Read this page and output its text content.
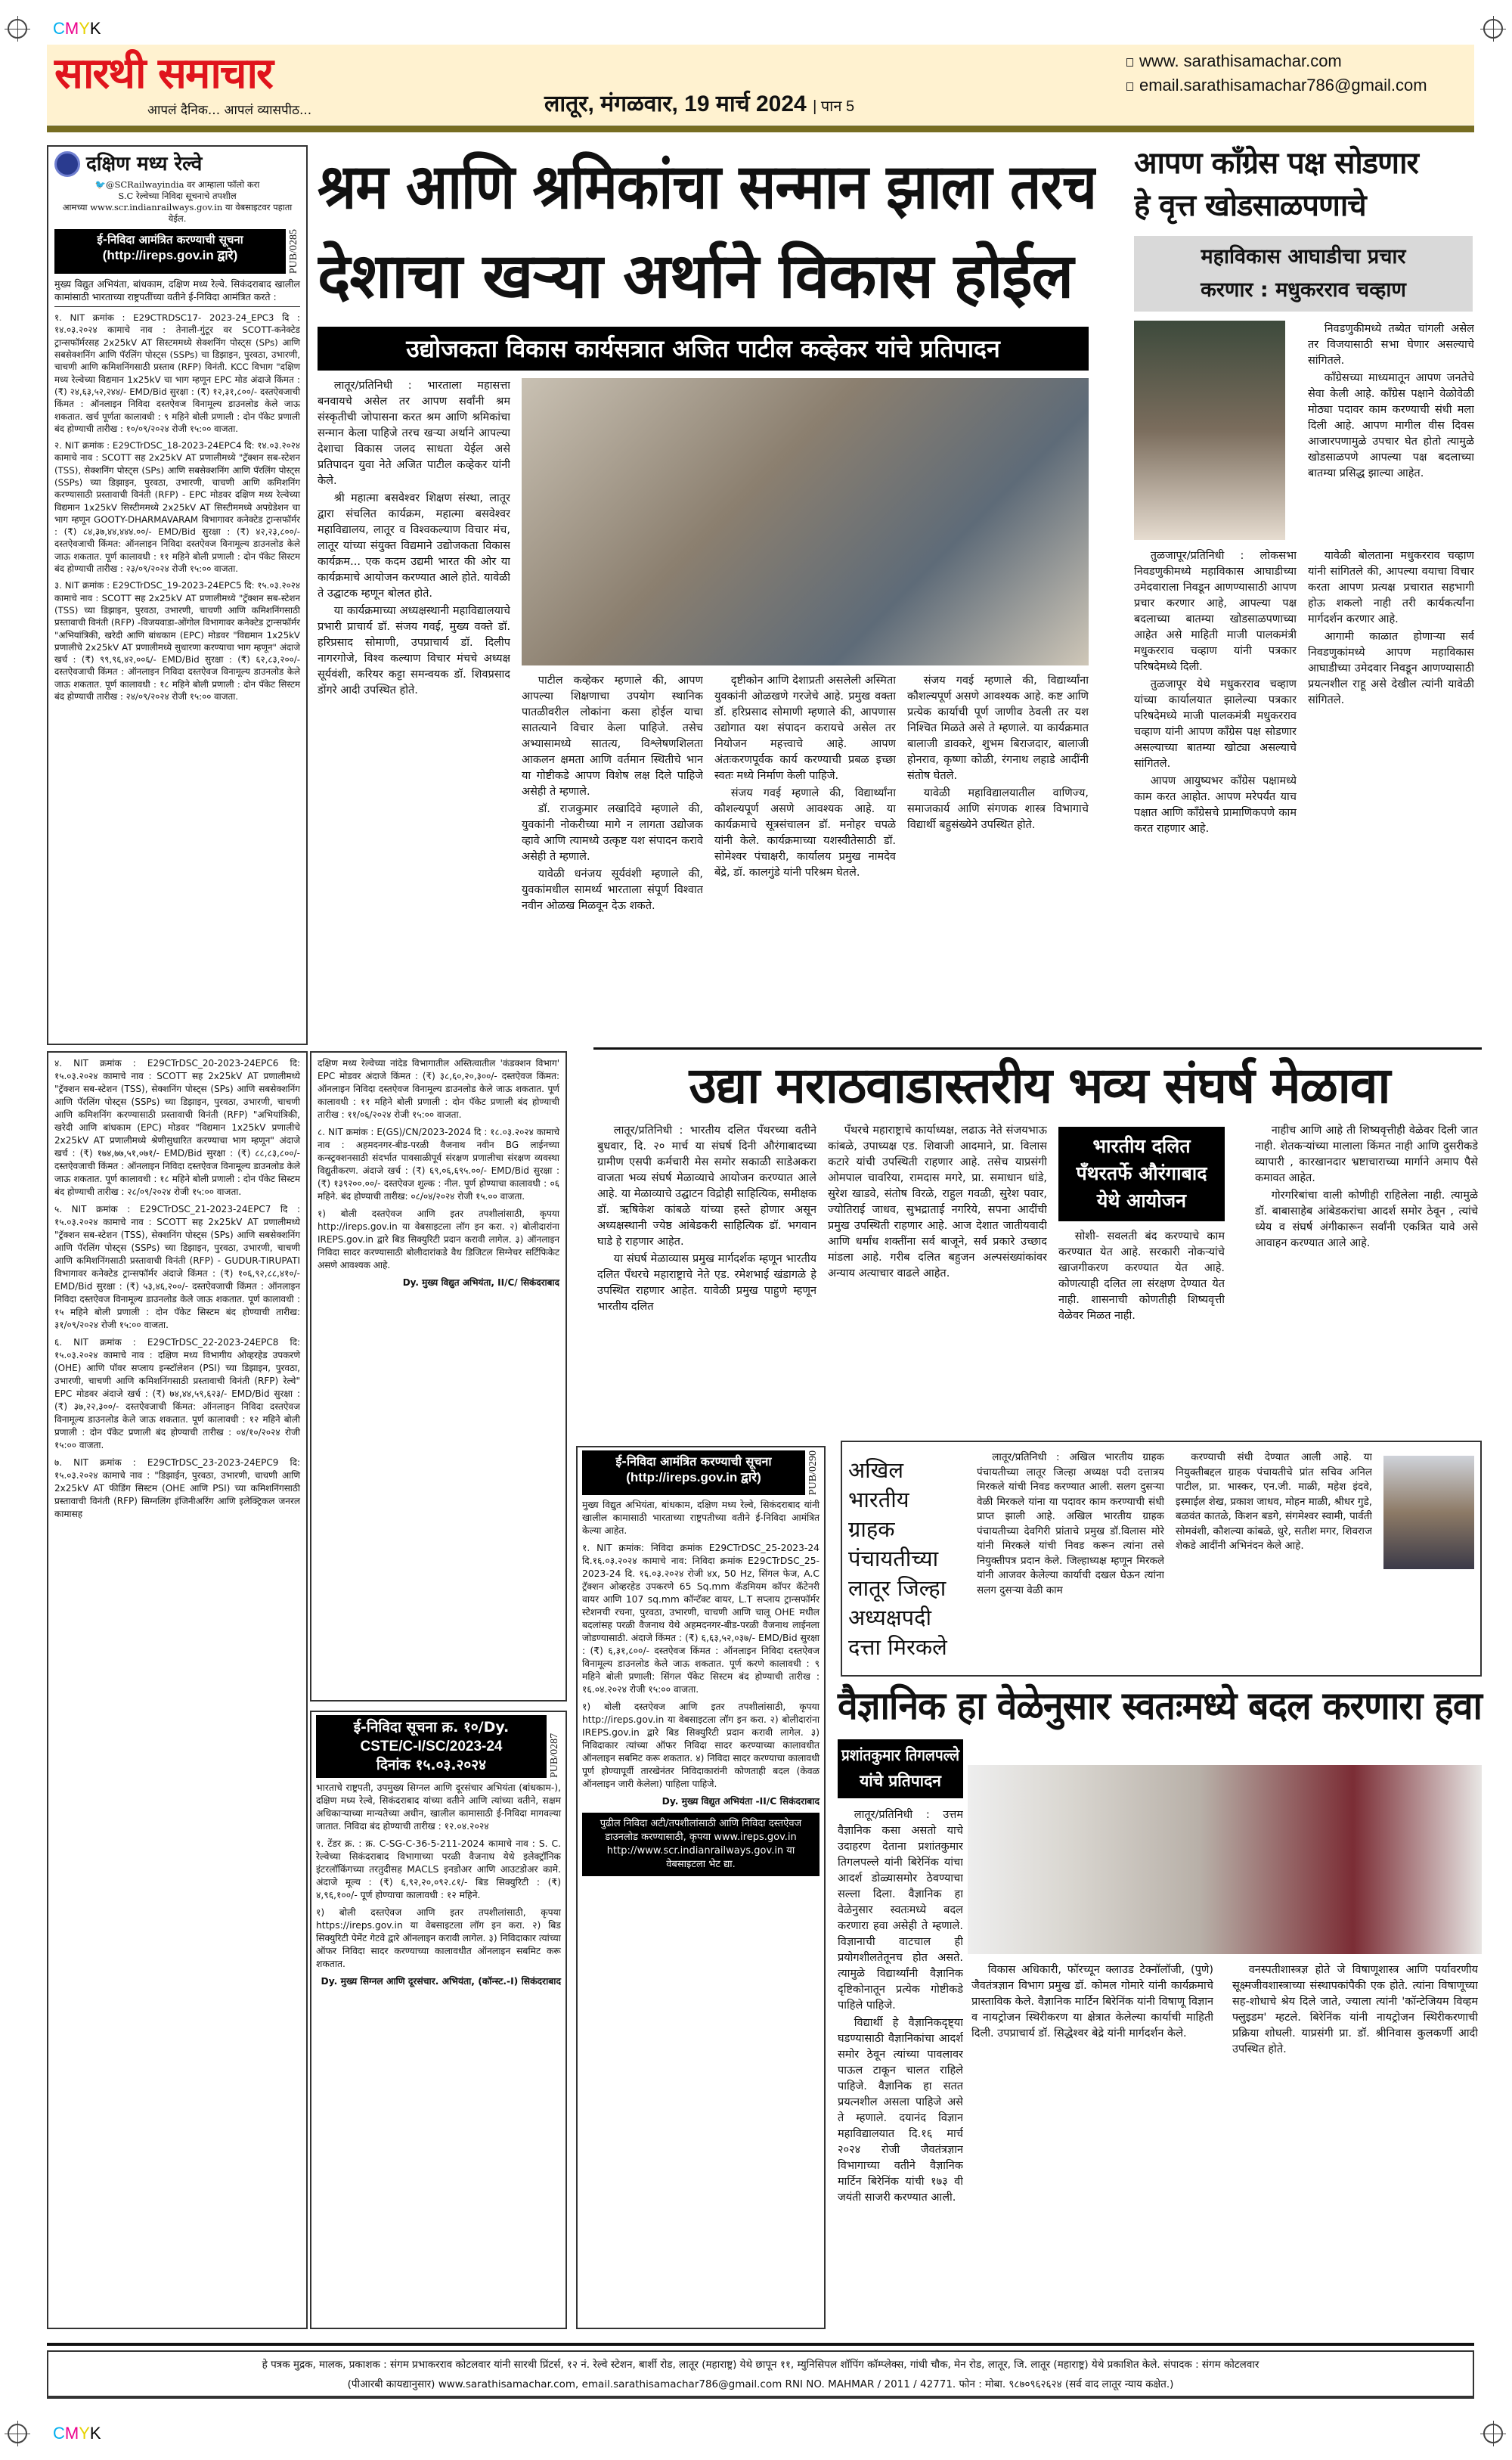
CMYK
सारथी समाचार
आपलं दैनिक... आपलं व्यासपीठ...	लातूर, मंगळवार, 19 मार्च 2024 | पान 5
www. sarathisamachar.com
email.sarathisamachar786@gmail.com
दक्षिण मध्य रेल्वे
🐦@SCRailwayindia वर आम्हाला फॉलो करा
S.C रेल्वेच्या निविदा सूचनाचे तपशील
आमच्या www.scr.indianrailways.gov.in या वेबसाइटवर पहाता येईल.
ई-निविदा आमंत्रित करण्याची सूचना
(http://ireps.gov.in द्वारे)	PUB/0285

मुख्य विद्युत अभियंता, बांधकाम, दक्षिण मध्य रेल्वे. सिकंदराबाद खालील कामांसाठी भारताच्या राष्ट्रपतींच्या वतीने ई-निविदा आमंत्रित करते :

१. NIT क्रमांक : E29CTRDSC17- 2023-24_EPC3 दि : १४.०३.२०२४ कामाचे नाव : तेनाली-गुंटूर वर SCOTT-कनेक्टेड ट्रान्सफॉर्मरसह 2x25kV AT सिस्टममध्ये सेक्शनिंग पोस्ट्स (SPs) आणि सबसेक्शनिंग आणि पॅरलिंग पोस्ट्स (SSPs) चा डिझाइन, पुरवठा, उभारणी, चाचणी आणि कमिशनिंगसाठी प्रस्ताव (RFP) विनंती. KCC विभाग "दक्षिण मध्य रेल्वेच्या विद्यमान 1x25kV चा भाग म्हणून EPC मोड अंदाजे किंमत : (₹) २४,६३,५२,२४४/- EMD/Bid सुरक्षा : (₹) १२,३१,८००/- दस्तऐवजाची किंमत : ऑनलाइन निविदा दस्तऐवज विनामूल्य डाउनलोड केले जाऊ शकतात. खर्च पूर्णता कालावधी : ९ महिने बोली प्रणाली : दोन पॅकेट प्रणाली बंद होण्याची तारीख : १०/०९/२०२४ रोजी १५:०० वाजता.

२. NIT क्रमांक : E29CTrDSC_18-2023-24EPC4 दि: १४.०३.२०२४ कामाचे नाव : SCOTT सह 2x25kV AT प्रणालीमध्ये "ट्रॅक्शन सब-स्टेशन (TSS), सेक्शनिंग पोस्ट्स (SPs) आणि सबसेक्शनिंग आणि पॅरलिंग पोस्ट्स (SSPs) च्या डिझाइन, पुरवठा, उभारणी, चाचणी आणि कमिशनिंग करण्यासाठी प्रस्तावाची विनंती (RFP) - EPC मोडवर दक्षिण मध्य रेल्वेच्या विद्यमान 1x25kV सिस्टीममध्ये 2x25kV AT सिस्टीममध्ये अपग्रेडेशन चा भाग म्हणून GOOTY-DHARMAVARAM विभागावर कनेक्टेड ट्रान्सफॉर्मर : (₹) ८४,३७,४४,४४४.००/- EMD/Bid सुरक्षा : (₹) ४२,२३,८००/- दस्तऐवजाची किंमत: ऑनलाइन निविदा दस्तऐवज विनामूल्य डाउनलोड केले जाऊ शकतात. पूर्ण कालावधी : ११ महिने बोली प्रणाली : दोन पॅकेट सिस्टम बंद होण्याची तारीख : २३/०९/२०२४ रोजी १५:०० वाजता.

३. NIT क्रमांक : E29CTrDSC_19-2023-24EPC5 दि: १५.०३.२०२४ कामाचे नाव : SCOTT सह 2x25kV AT प्रणालीमध्ये "ट्रॅक्शन सब-स्टेशन (TSS) च्या डिझाइन, पुरवठा, उभारणी, चाचणी आणि कमिशनिंगसाठी प्रस्तावाची विनंती (RFP) -विजयवाडा-ओंगोल विभागावर कनेक्टेड ट्रान्सफॉर्मर "अभियांत्रिकी, खरेदी आणि बांधकाम (EPC) मोडवर "विद्यमान 1x25kV प्रणालीचे 2x25kV AT प्रणालीमध्ये सुधारणा करण्याचा भाग म्हणून" अंदाजे खर्च : (₹) ९९,९६,४२,००६/- EMD/Bid सुरक्षा : (₹) ६२,८३,२००/- दस्तऐवजाची किंमत : ऑनलाइन निविदा दस्तऐवज विनामूल्य डाउनलोड केले जाऊ शकतात. पूर्ण कालावधी : १८ महिने बोली प्रणाली : दोन पॅकेट सिस्टम बंद होण्याची तारीख : २४/०९/२०२४ रोजी १५:०० वाजता.

४. NIT क्रमांक : E29CTrDSC_20-2023-24EPC6 दि: १५.०३.२०२४ कामाचे नाव : SCOTT सह 2x25kV AT प्रणालीमध्ये "ट्रॅक्शन सब-स्टेशन (TSS), सेक्शनिंग पोस्ट्स (SPs) आणि सबसेक्शनिंग आणि पॅरलिंग पोस्ट्स (SSPs) च्या डिझाइन, पुरवठा, उभारणी, चाचणी आणि कमिशनिंग करण्यासाठी प्रस्तावाची विनंती (RFP) "अभियांत्रिकी, खरेदी आणि बांधकाम (EPC) मोडवर "विद्यमान 1x25kV प्रणालीचे 2x25kV AT प्रणालीमध्ये श्रेणीसुधारित करण्याचा भाग म्हणून" अंदाजे खर्च : (₹) १७४,७७,५१,०७१/- EMD/Bid सुरक्षा : (₹) ८८,८३,८००/- दस्तऐवजाची किंमत : ऑनलाइन निविदा दस्तऐवज विनामूल्य डाउनलोड केले जाऊ शकतात. पूर्ण कालावधी : १८ महिने बोली प्रणाली : दोन पॅकेट सिस्टम बंद होण्याची तारीख : २८/०९/२०२४ रोजी १५:०० वाजता.

५. NIT क्रमांक : E29CTrDSC_21-2023-24EPC7 दि : १५.०३.२०२४ कामाचे नाव : SCOTT सह 2x25kV AT प्रणालीमध्ये "ट्रॅक्शन सब-स्टेशन (TSS), सेक्शनिंग पोस्ट्स (SPs) आणि सबसेक्शनिंग आणि पॅरलिंग पोस्ट्स (SSPs) च्या डिझाइन, पुरवठा, उभारणी, चाचणी आणि कमिशनिंगसाठी प्रस्तावाची विनंती (RFP) - GUDUR-TIRUPATI विभागावर कनेक्टेड ट्रान्सफॉर्मर अंदाजे किंमत : (₹) १०६,९२,८८,४१०/- EMD/Bid सुरक्षा : (₹) ५३,४६,२००/- दस्तऐवजाची किंमत : ऑनलाइन निविदा दस्तऐवज विनामूल्य डाउनलोड केले जाऊ शकतात. पूर्ण कालावधी : १५ महिने बोली प्रणाली : दोन पॅकेट सिस्टम बंद होण्याची तारीख: ३१/०९/२०२४ रोजी १५:०० वाजता.

६. NIT क्रमांक : E29CTrDSC_22-2023-24EPC8 दि: १५.०३.२०२४ कामाचे नाव : दक्षिण मध्य विभागीय ओव्हरहेड उपकरणे (OHE) आणि पॉवर सप्लाय इन्स्टॉलेशन (PSI) च्या डिझाइन, पुरवठा, उभारणी, चाचणी आणि कमिशनिंगसाठी प्रस्तावाची विनंती (RFP) रेल्वे" EPC मोडवर अंदाजे खर्च : (₹) ७४,४४,५९,६२३/- EMD/Bid सुरक्षा : (₹) ३७,२२,३००/- दस्तऐवजाची किंमत: ऑनलाइन निविदा दस्तऐवज विनामूल्य डाउनलोड केले जाऊ शकतात. पूर्ण कालावधी : १२ महिने बोली प्रणाली : दोन पॅकेट प्रणाली बंद होण्याची तारीख : ०४/१०/२०२४ रोजी १५:०० वाजता.

७. NIT क्रमांक : E29CTrDSC_23-2023-24EPC9 दि: १५.०३.२०२४ कामाचे नाव : "डिझाईन, पुरवठा, उभारणी, चाचणी आणि 2x25kV AT फीडिंग सिस्टम (OHE आणि PSI) च्या कमिशनिंगसाठी प्रस्तावाची विनंती (RFP) सिग्नलिंग इंजिनीअरिंग आणि इलेक्ट्रिकल जनरल कामासह

दक्षिण मध्य रेल्वेच्या नांदेड विभागातील अस्तित्वातील 'कंडक्शन विभाग' EPC मोडवर अंदाजे किंमत : (₹) ३८,६०,२०,३००/- दस्तऐवज किंमत: ऑनलाइन निविदा दस्तऐवज विनामूल्य डाउनलोड केले जाऊ शकतात. पूर्ण कालावधी : ११ महिने बोली प्रणाली : दोन पॅकेट प्रणाली बंद होण्याची तारीख : ११/०६/२०२४ रोजी १५:०० वाजता.

८. NIT क्रमांक : E(GS)/CN/2023-2024 दि : १८.०३.२०२४ कामाचे नाव : अहमदनगर-बीड-परळी वैजनाथ नवीन BG लाईनच्या कन्स्ट्रक्शनसाठी संदर्भात पावसाळीपूर्व संरक्षण प्रणालीचा संरक्षण व्यवस्था विद्युतीकरण. अंदाजे खर्च : (₹) ६९,०६,६९५.००/- EMD/Bid सुरक्षा : (₹) १३९२००.००/- दस्तऐवज शुल्क : नील. पूर्ण होण्याचा कालावधी : ०६ महिने. बंद होण्याची तारीख: ०८/०४/२०२४ रोजी १५.०० वाजता.

१) बोली दस्तऐवज आणि इतर तपशीलांसाठी, कृपया http://ireps.gov.in या वेबसाइटला लॉग इन करा. २) बोलीदारांना IREPS.gov.in द्वारे बिड सिक्युरिटी प्रदान करावी लागेल. ३) ऑनलाइन निविदा सादर करण्यासाठी बोलीदारांकडे वैध डिजिटल सिग्नेचर सर्टिफिकेट असणे आवश्यक आहे.

Dy. मुख्य विद्युत अभियंता, II/C/ सिकंदराबाद

ई-निविदा सूचना क्र. १०/Dy.
CSTE/C-I/SC/2023-24
दिनांक १५.०३.२०२४	PUB/0287

भारताचे राष्ट्रपती, उपमुख्य सिग्नल आणि दूरसंचार अभियंता (बांधकाम-), दक्षिण मध्य रेल्वे, सिकंदराबाद यांच्या वतीने आणि त्यांच्या वतीने, सक्षम अधिकाऱ्याच्या मान्यतेच्या अधीन, खालील कामासाठी ई-निविदा मागवल्या जातात. निविदा बंद होण्याची तारीख : १२.०४.२०२४

१. टेंडर क्र. : क्र. C-SG-C-36-5-211-2024 कामाचे नाव : S. C. रेल्वेच्या सिकंदराबाद विभागाच्या परळी वैजनाथ येथे इलेक्ट्रॉनिक इंटरलॉकिंगच्या तरतुदीसह MACLS इनडोअर आणि आउटडोअर कामे. अंदाजे मूल्य : (₹) ६,९२,२०,०९२.८१/- बिड सिक्युरिटी : (₹) ४,९६,१००/- पूर्ण होण्याचा कालावधी : १२ महिने.

१) बोली दस्तऐवज आणि इतर तपशीलांसाठी, कृपया https://ireps.gov.in या वेबसाइटला लॉग इन करा. २) बिड सिक्युरिटी पेमेंट गेटवे द्वारे ऑनलाइन करावी लागेल. ३) निविदाकार त्यांच्या ऑफर निविदा सादर करण्याच्या कालावधीत ऑनलाइन सबमिट करू शकतात.

Dy. मुख्य सिग्नल आणि दूरसंचार. अभियंता, (कॉन्स्ट.-I) सिकंदराबाद

श्रम आणि श्रमिकांचा सन्मान झाला तरच
देशाचा खऱ्या अर्थाने विकास होईल
उद्योजकता विकास कार्यसत्रात अजित पाटील कव्हेकर यांचे प्रतिपादन

लातूर/प्रतिनिधी : भारताला महासत्ता बनवायचे असेल तर आपण सर्वांनी श्रम संस्कृतीची जोपासना करत श्रम आणि श्रमिकांचा सन्मान केला पाहिजे तरच खऱ्या अर्थाने आपल्या देशाचा विकास जलद साधता येईल असे प्रतिपादन युवा नेते अजित पाटील कव्हेकर यांनी केले.

श्री महात्मा बसवेश्वर शिक्षण संस्था, लातूर द्वारा संचलित कार्यक्रम, महात्मा बसवेश्वर महाविद्यालय, लातूर व विश्वकल्याण विचार मंच, लातूर यांच्या संयुक्त विद्यमाने उद्योजकता विकास कार्यक्रम... एक कदम उद्यमी भारत की ओर या कार्यक्रमाचे आयोजन करण्यात आले होते. यावेळी ते उद्घाटक म्हणून बोलत होते.

या कार्यक्रमाच्या अध्यक्षस्थानी महाविद्यालयाचे प्रभारी प्राचार्य डॉ. संजय गवई, मुख्य वक्ते डॉ. हरिप्रसाद सोमाणी, उपप्राचार्य डॉ. दिलीप नागरगोजे, विश्व कल्याण विचार मंचचे अध्यक्ष सूर्यवंशी, करियर कट्टा समन्वयक डॉ. शिवप्रसाद डोंगरे आदी उपस्थित होते.

पाटील कव्हेकर म्हणाले की, आपण आपल्या शिक्षणाचा उपयोग स्थानिक पातळीवरील लोकांना कसा होईल याचा सातत्याने विचार केला पाहिजे. तसेच अभ्यासामध्ये सातत्य, विश्लेषणशिलता आकलन क्षमता आणि वर्तमान स्थितीचे भान या गोष्टीकडे आपण विशेष लक्ष दिले पाहिजे असेही ते म्हणाले.

डॉ. राजकुमार लखादिवे म्हणाले की, युवकांनी नोकरीच्या मागे न लागता उद्योजक व्हावे आणि त्यामध्ये उत्कृष्ट यश संपादन करावे असेही ते म्हणाले.

यावेळी धनंजय सूर्यवंशी म्हणाले की, युवकांमधील सामर्थ्य भारताला संपूर्ण विश्वात नवीन ओळख मिळवून देऊ शकते.

दृष्टीकोन आणि देशाप्रती असलेली अस्मिता युवकांनी ओळखणे गरजेचे आहे. प्रमुख वक्ता डॉ. हरिप्रसाद सोमाणी म्हणाले की, आपणास उद्योगात यश संपादन करायचे असेल तर नियोजन महत्त्वाचे आहे. आपण अंतःकरणपूर्वक कार्य करण्याची प्रबळ इच्छा स्वतः मध्ये निर्माण केली पाहिजे.

संजय गवई म्हणाले की, विद्यार्थ्यांना कौशल्यपूर्ण असणे आवश्यक आहे. या कार्यक्रमाचे सूत्रसंचालन डॉ. मनोहर चपळे यांनी केले. कार्यक्रमाच्या यशस्वीतेसाठी डॉ. सोमेश्वर पंचाक्षरी, कार्यालय प्रमुख नामदेव बेंद्रे, डॉ. कालगुंडे यांनी परिश्रम घेतले.

संजय गवई म्हणाले की, विद्यार्थ्यांना कौशल्यपूर्ण असणे आवश्यक आहे. कष्ट आणि प्रत्येक कार्याची पूर्ण जाणीव ठेवली तर यश निश्चित मिळते असे ते म्हणाले. या कार्यक्रमात बालाजी डावकरे, शुभम बिराजदार, बालाजी होनराव, कृष्णा कोळी, रंगनाथ लहाडे आदींनी संतोष घेतले.

यावेळी महाविद्यालयातील वाणिज्य, समाजकार्य आणि संगणक शास्त्र विभागाचे विद्यार्थी बहुसंख्येने उपस्थित होते.

आपण काँग्रेस पक्ष सोडणार
हे वृत्त खोडसाळपणाचे
महाविकास आघाडीचा प्रचार
करणार : मधुकरराव चव्हाण

निवडणुकीमध्ये तब्येत चांगली असेल तर विजयासाठी सभा घेणार असल्याचे सांगितले.

काँग्रेसच्या माध्यमातून आपण जनतेचे सेवा केली आहे. काँग्रेस पक्षाने वेळोवेळी मोठ्या पदावर काम करण्याची संधी मला दिली आहे. आपण मागील वीस दिवस आजारपणामुळे उपचार घेत होतो त्यामुळे खोडसाळपणे आपल्या पक्ष बदलाच्या बातम्या प्रसिद्ध झाल्या आहेत.

तुळजापूर/प्रतिनिधी : लोकसभा निवडणुकीमध्ये महाविकास आघाडीच्या उमेदवाराला निवडून आणण्यासाठी आपण प्रचार करणार आहे, आपल्या पक्ष बदलाच्या बातम्या खोडसाळपणाच्या आहेत असे माहिती माजी पालकमंत्री मधुकरराव चव्हाण यांनी पत्रकार परिषदेमध्ये दिली.

तुळजापूर येथे मधुकरराव चव्हाण यांच्या कार्यालयात झालेल्या पत्रकार परिषदेमध्ये माजी पालकमंत्री मधुकरराव चव्हाण यांनी आपण काँग्रेस पक्ष सोडणार असल्याच्या बातम्या खोट्या असल्याचे सांगितले.

आपण आयुष्यभर काँग्रेस पक्षामध्ये काम करत आहोत. आपण मरेपर्यंत याच पक्षात आणि काँग्रेसचे प्रामाणिकपणे काम करत राहणार आहे.

यावेळी बोलताना मधुकरराव चव्हाण यांनी सांगितले की, आपल्या वयाचा विचार करता आपण प्रत्यक्ष प्रचारात सहभागी होऊ शकलो नाही तरी कार्यकर्त्यांना मार्गदर्शन करणार आहे.

आगामी काळात होणाऱ्या सर्व निवडणुकांमध्ये आपण महाविकास आघाडीच्या उमेदवार निवडून आणण्यासाठी प्रयत्नशील राहू असे देखील त्यांनी यावेळी सांगितले.

उद्या मराठवाडास्तरीय भव्य संघर्ष मेळावा

लातूर/प्रतिनिधी : भारतीय दलित पँथरच्या वतीने बुधवार, दि. २० मार्च या संघर्ष दिनी औरंगाबादच्या ग्रामीण एसपी कर्मचारी मेस समोर सकाळी साडेअकरा वाजता भव्य संघर्ष मेळाव्याचे आयोजन करण्यात आले आहे. या मेळाव्याचे उद्घाटन विद्रोही साहित्यिक, समीक्षक डॉ. ऋषिकेश कांबळे यांच्या हस्ते होणार असून अध्यक्षस्थानी ज्येष्ठ आंबेडकरी साहित्यिक डॉ. भगवान घाडे हे राहणार आहेत.

या संघर्ष मेळाव्यास प्रमुख मार्गदर्शक म्हणून भारतीय दलित पँथरचे महाराष्ट्राचे नेते एड. रमेशभाई खंडागळे हे उपस्थित राहणार आहेत. यावेळी प्रमुख पाहुणे म्हणून भारतीय दलित

पँथरचे महाराष्ट्राचे कार्याध्यक्ष, लढाऊ नेते संजयभाऊ कांबळे, उपाध्यक्ष एड. शिवाजी आदमाने, प्रा. विलास कटारे यांची उपस्थिती राहणार आहे. तसेच याप्रसंगी ओमपाल चावरिया, रामदास मगरे, प्रा. समाधान धांडे, सुरेश खाडवे, संतोष विरळे, राहुल गवळी, सुरेश पवार, ज्योतिराई जाधव, सुभद्राताई नगरिये, सपना आदींची प्रमुख उपस्थिती राहणार आहे. आज देशात जातीयवादी आणि धर्मांध शक्तींना सर्व बाजूने, सर्व प्रकारे उच्छाद मांडला आहे. गरीब दलित बहुजन अल्पसंख्यांकांवर अन्याय अत्याचार वाढले आहेत.

भारतीय दलित
पँथरतर्फे औरंगाबाद
येथे आयोजन

सोशी- सवलती बंद करण्याचे काम करण्यात येत आहे. सरकारी नोकऱ्यांचे खाजगीकरण करण्यात येत आहे. कोणत्याही दलित ला संरक्षण देण्यात येत नाही. शासनाची कोणतीही शिष्यवृत्ती वेळेवर मिळत नाही.

नाहीच आणि आहे ती शिष्यवृत्तीही वेळेवर दिली जात नाही. शेतकऱ्यांच्या मालाला किंमत नाही आणि दुसरीकडे व्यापारी , कारखानदार भ्रष्टाचाराच्या मार्गाने अमाप पैसे कमावत आहेत.

गोरगरिबांचा वाली कोणीही राहिलेला नाही. त्यामुळे डॉ. बाबासाहेब आंबेडकरांचा आदर्श समोर ठेवून , त्यांचे ध्येय व संघर्ष अंगीकारून सर्वांनी एकत्रित यावे असे आवाहन करण्यात आले आहे.

ई-निविदा आमंत्रित करण्याची सूचना
(http://ireps.gov.in द्वारे)	PUB/0290

मुख्य विद्युत अभियंता, बांधकाम, दक्षिण मध्य रेल्वे, सिकंदराबाद यांनी खालील कामासाठी भारताच्या राष्ट्रपतीच्या वतीने ई-निविदा आमंत्रित केल्या आहेत.

१. NIT क्रमांक: निविदा क्रमांक E29CTrDSC_25-2023-24 दि.१६.०३.२०२४ कामाचे नाव: निविदा क्रमांक E29CTrDSC_25-2023-24 दि. १६.०३.२०२४ रोजी ४x, 50 Hz, सिंगल फेज, A.C ट्रॅक्शन ओव्हरहेड उपकरणे 65 Sq.mm कॅडमियम कॉपर कॅटेनरी वायर आणि 107 sq.mm कॉन्टॅक्ट वायर, L.T सप्लाय ट्रान्सफॉर्मर स्टेशनची रचना, पुरवठा, उभारणी, चाचणी आणि चालू OHE मधील बदलांसह परळी वैजनाथ येथे अहमदनगर-बीड-परळी वैजनाथ लाईनला जोडण्यासाठी. अंदाजे किंमत : (₹) ६,६३,५२,०३७/- EMD/Bid सुरक्षा : (₹) ६,३१,८००/- दस्तऐवज किंमत : ऑनलाइन निविदा दस्तऐवज विनामूल्य डाउनलोड केले जाऊ शकतात. पूर्ण करणे कालावधी : ९ महिने बोली प्रणाली: सिंगल पॅकेट सिस्टम बंद होण्याची तारीख : १६.०४.२०२४ रोजी १५:०० वाजता.

१) बोली दस्तऐवज आणि इतर तपशीलांसाठी, कृपया http://ireps.gov.in या वेबसाइटला लॉग इन करा. २) बोलीदारांना IREPS.gov.in द्वारे बिड सिक्युरिटी प्रदान करावी लागेल. ३) निविदाकार त्यांच्या ऑफर निविदा सादर करण्याच्या कालावधीत ऑनलाइन सबमिट करू शकतात. ४) निविदा सादर करण्याचा कालावधी पूर्ण होण्यापूर्वी तारखेनंतर निविदाकारांनी कोणताही बदल (केवळ ऑनलाइन जारी केलेला) पाहिला पाहिजे.

Dy. मुख्य विद्युत अभियंता -II/C सिकंदराबाद

पुढील निविदा अटी/तपशीलांसाठी आणि निविदा दस्तऐवज डाउनलोड करण्यासाठी, कृपया www.ireps.gov.in http://www.scr.indianrailways.gov.in या वेबसाइटला भेट द्या.
अखिल
भारतीय
ग्राहक
पंचायतीच्या
लातूर जिल्हा
अध्यक्षपदी
दत्ता मिरकले

लातूर/प्रतिनिधी : अखिल भारतीय ग्राहक पंचायतीच्या लातूर जिल्हा अध्यक्ष पदी दत्तात्रय मिरकले यांची निवड करण्यात आली. सलग दुसऱ्या वेळी मिरकले यांना या पदावर काम करण्याची संधी प्राप्त झाली आहे. अखिल भारतीय ग्राहक पंचायतीच्या देवगिरी प्रांताचे प्रमुख डॉ.विलास मोरे यांनी मिरकले यांची निवड करून त्यांना तसे नियुक्तीपत्र प्रदान केले. जिल्हाध्यक्ष म्हणून मिरकले यांनी आजवर केलेल्या कार्याची दखल घेऊन त्यांना सलग दुसऱ्या वेळी काम

करण्याची संधी देण्यात आली आहे. या नियुक्तीबद्दल ग्राहक पंचायतीचे प्रांत सचिव अनिल पाटील, प्रा. भास्कर, एन.जी. माळी, महेश इंदवे, इस्माईल शेख, प्रकाश जाधव, मोहन माळी, श्रीधर गुडे, बळवंत कातळे, किशन बडगे, संगमेश्वर स्वामी, पार्वती सोमवंशी, कौशल्या कांबळे, धुरे, सतीश मगर, शिवराज शेकडे आदींनी अभिनंदन केले आहे.

वैज्ञानिक हा वेळेनुसार स्वतःमध्ये बदल करणारा हवा
प्रशांतकुमार तिगलपल्ले
यांचे प्रतिपादन

लातूर/प्रतिनिधी : उत्तम वैज्ञानिक कसा असतो याचे उदाहरण देताना प्रशांतकुमार तिगलपल्ले यांनी बिरेनिंक यांचा आदर्श डोळ्यासमोर ठेवण्याचा सल्ला दिला. वैज्ञानिक हा वेळेनुसार स्वतःमध्ये बदल करणारा हवा असेही ते म्हणाले. विज्ञानाची वाटचाल ही प्रयोगशीलतेतूनच होत असते. त्यामुळे विद्यार्थ्यांनी वैज्ञानिक दृष्टिकोनातून प्रत्येक गोष्टीकडे पाहिले पाहिजे.

विद्यार्थी हे वैज्ञानिकदृष्ट्या घडण्यासाठी वैज्ञानिकांचा आदर्श समोर ठेवून त्यांच्या पावलावर पाऊल टाकून चालत राहिले पाहिजे. वैज्ञानिक हा सतत प्रयत्नशील असला पाहिजे असे ते म्हणाले. दयानंद विज्ञान महाविद्यालयात दि.१६ मार्च २०२४ रोजी जैवतंत्रज्ञान विभागाच्या वतीने वैज्ञानिक मार्टिन बिरेनिंक यांची १७३ वी जयंती साजरी करण्यात आली.

विकास अधिकारी, फॉरच्यून क्लाउड टेक्नॉलॉजी, (पुणे) जैवतंत्रज्ञान विभाग प्रमुख डॉ. कोमल गोमारे यांनी कार्यक्रमाचे प्रास्ताविक केले. वैज्ञानिक मार्टिन बिरेनिंक यांनी विषाणू विज्ञान व नायट्रोजन स्थिरीकरण या क्षेत्रात केलेल्या कार्याची माहिती दिली. उपप्राचार्य डॉ. सिद्धेश्वर बेद्रे यांनी मार्गदर्शन केले.

वनस्पतीशास्त्रज्ञ होते जे विषाणूशास्त्र आणि पर्यावरणीय सूक्ष्मजीवशास्त्राच्या संस्थापकांपैकी एक होते. त्यांना विषाणूच्या सह-शोधाचे श्रेय दिले जाते, ज्याला त्यांनी 'कॉन्टेजियम विव्हम फ्लुइडम' म्हटले. बिरेनिंक यांनी नायट्रोजन स्थिरीकरणाची प्रक्रिया शोधली. याप्रसंगी प्रा. डॉ. श्रीनिवास कुलकर्णी आदी उपस्थित होते.

हे पत्रक मुद्रक, मालक, प्रकाशक : संगम प्रभाकरराव कोटलवार यांनी सारथी प्रिंटर्स, १२ नं. रेल्वे स्टेशन, बार्शी रोड, लातूर (महाराष्ट्र) येथे छापून ११, म्युनिसिपल शॉपिंग कॉम्प्लेक्स, गांधी चौक, मेन रोड, लातूर, जि. लातूर (महाराष्ट्र) येथे प्रकाशित केले. संपादक : संगम कोटलवार
(पीआरबी कायद्यानुसार) www.sarathisamachar.com, email.sarathisamachar786@gmail.com RNI NO. MAHMAR / 2011 / 42771. फोन : मोबा. ९८७०९६२६२४ (सर्व वाद लातूर न्याय कक्षेत.)
CMYK
